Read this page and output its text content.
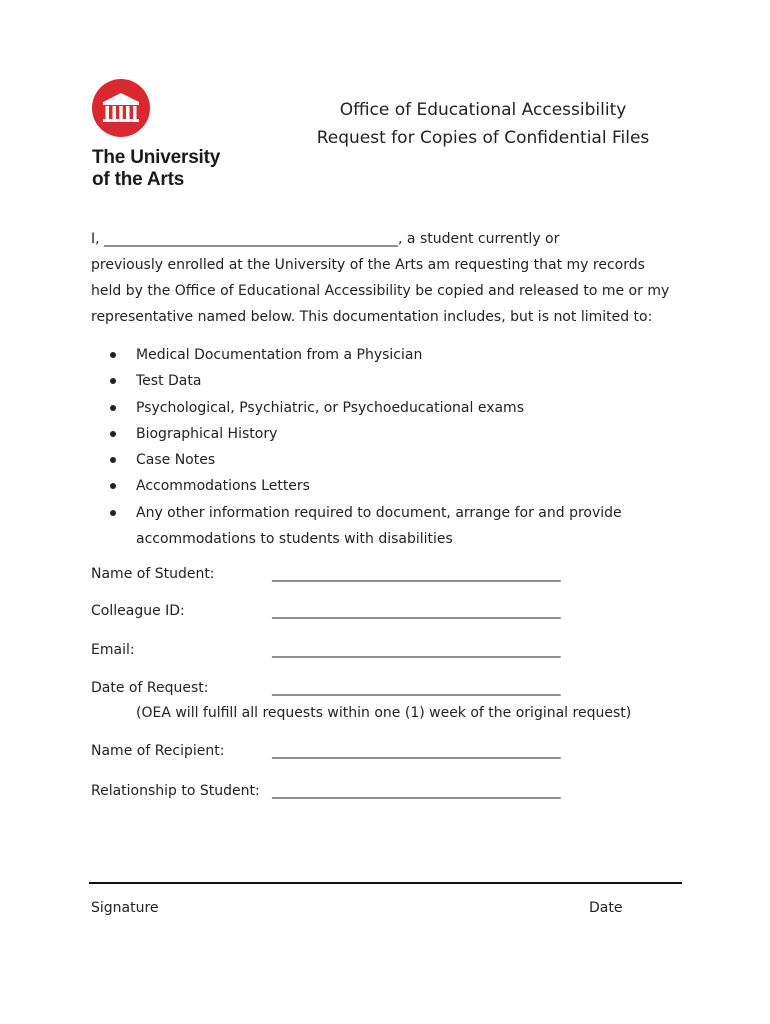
The University
of the Arts
Office of Educational Accessibility
Request for Copies of Confidential Files
I, __________________________________________, a student currently or
previously enrolled at the University of the Arts am requesting that my records
held by the Office of Educational Accessibility be copied and released to me or my
representative named below. This documentation includes, but is not limited to:
Medical Documentation from a Physician
Test Data
Psychological, Psychiatric, or Psychoeducational exams
Biographical History
Case Notes
Accommodations Letters
Any other information required to document, arrange for and provide
accommodations to students with disabilities
Name of Student:	_____________________________________________
Colleague ID:	_____________________________________________
Email:	_____________________________________________
Date of Request:	_____________________________________________
(OEA will fulfill all requests within one (1) week of the original request)
Name of Recipient:	_____________________________________________
Relationship to Student: _____________________________________________
Signature	Date
